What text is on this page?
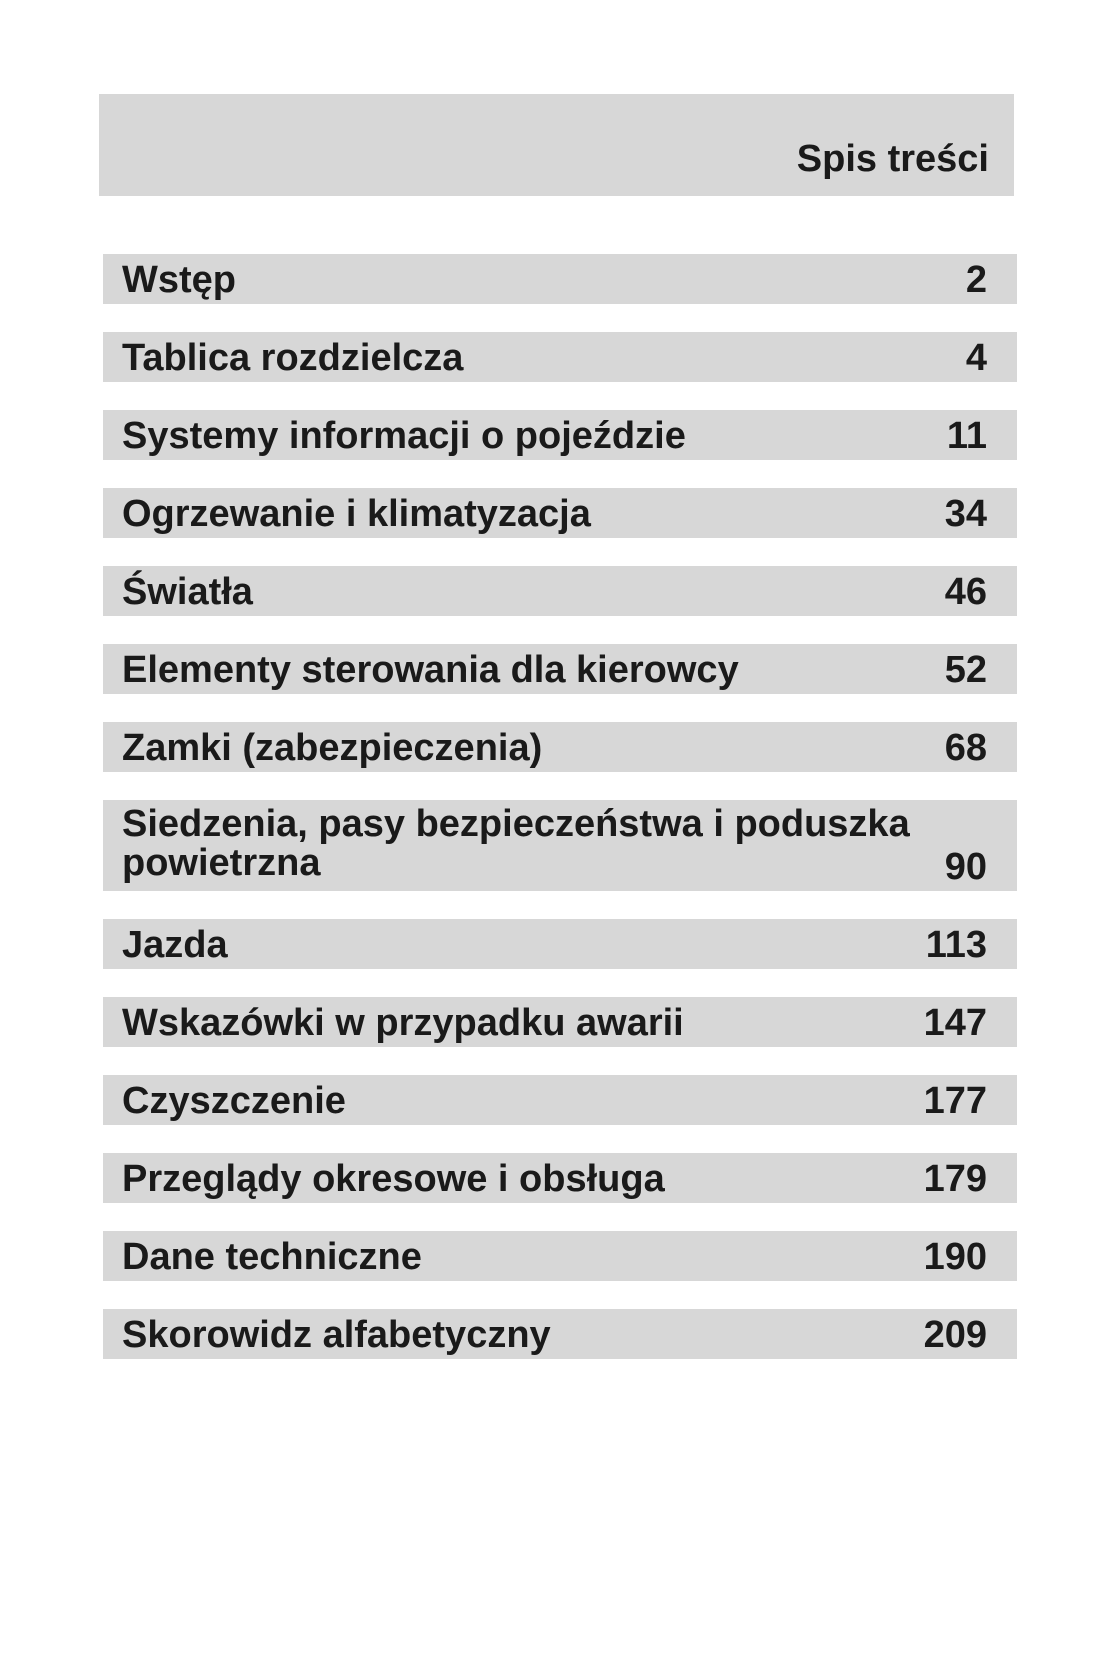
Spis treści
Wstęp	2
Tablica rozdzielcza	4
Systemy informacji o pojeździe	11
Ogrzewanie i klimatyzacja	34
Światła	46
Elementy sterowania dla kierowcy	52
Zamki (zabezpieczenia)	68
Siedzenia, pasy bezpieczeństwa i poduszka powietrzna	90
Jazda	113
Wskazówki w przypadku awarii	147
Czyszczenie	177
Przeglądy okresowe i obsługa	179
Dane techniczne	190
Skorowidz alfabetyczny	209
